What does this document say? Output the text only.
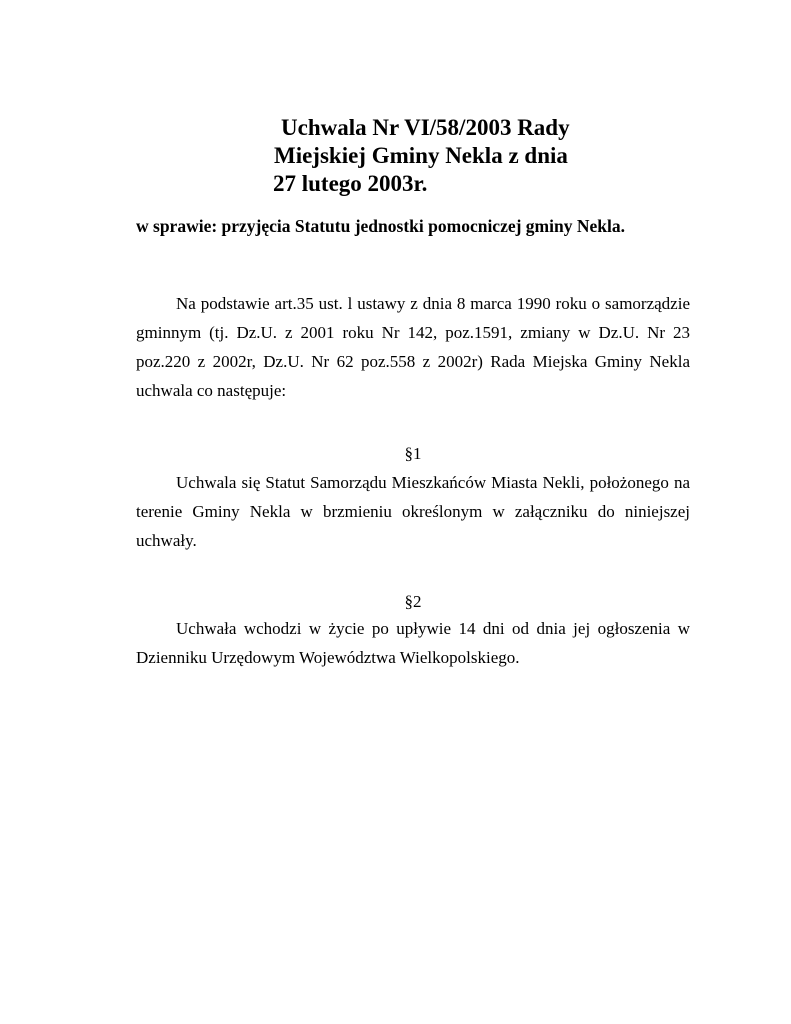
Uchwala Nr VI/58/2003 Rady
Miejskiej Gminy Nekla z dnia
27 lutego 2003r.
w sprawie: przyjęcia Statutu jednostki pomocniczej gminy Nekla.
Na podstawie art.35 ust. l ustawy z dnia 8 marca 1990 roku o samorządzie gminnym (tj. Dz.U. z 2001 roku Nr 142, poz.1591, zmiany w Dz.U. Nr 23 poz.220 z 2002r, Dz.U. Nr 62 poz.558 z 2002r) Rada Miejska Gminy Nekla uchwala co następuje:
§1
Uchwala się Statut Samorządu Mieszkańców Miasta Nekli, położonego na terenie Gminy Nekla w brzmieniu określonym w załączniku do niniejszej uchwały.
§2
Uchwała wchodzi w życie po upływie 14 dni od dnia jej ogłoszenia w Dzienniku Urzędowym Województwa Wielkopolskiego.
